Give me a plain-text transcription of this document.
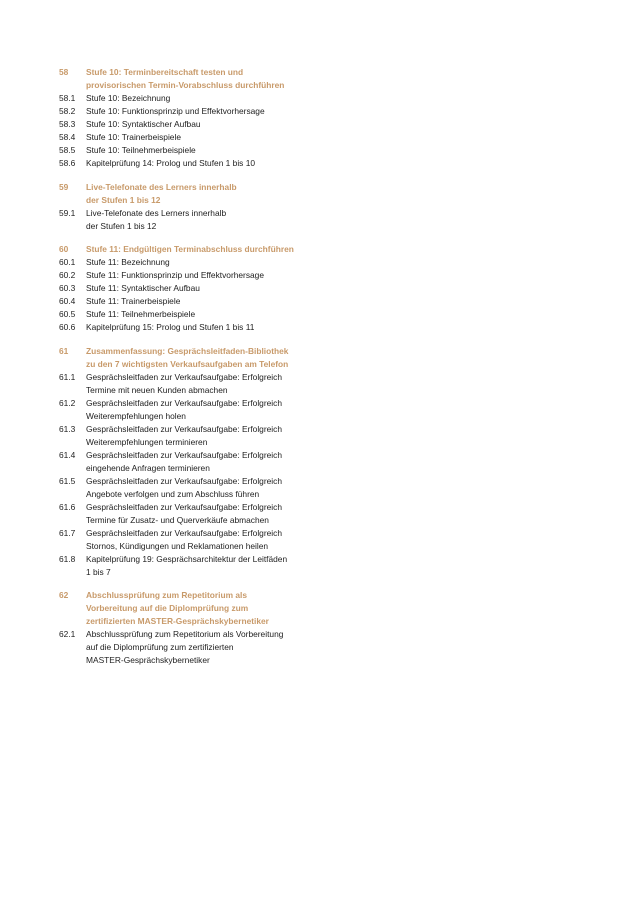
58	Stufe 10: Terminbereitschaft testen und
provisorischen Termin-Vorabschluss durchführen
58.1	Stufe 10: Bezeichnung
58.2	Stufe 10: Funktionsprinzip und Effektvorhersage
58.3	Stufe 10: Syntaktischer Aufbau
58.4	Stufe 10: Trainerbeispiele
58.5	Stufe 10: Teilnehmerbeispiele
58.6	Kapitelprüfung 14: Prolog und Stufen 1 bis 10
59	Live-Telefonate des Lerners innerhalb
der Stufen 1 bis 12
59.1	Live-Telefonate des Lerners innerhalb
der Stufen 1 bis 12
60	Stufe 11: Endgültigen Terminabschluss durchführen
60.1	Stufe 11: Bezeichnung
60.2	Stufe 11: Funktionsprinzip und Effektvorhersage
60.3	Stufe 11: Syntaktischer Aufbau
60.4	Stufe 11: Trainerbeispiele
60.5	Stufe 11: Teilnehmerbeispiele
60.6	Kapitelprüfung 15: Prolog und Stufen 1 bis 11
61	Zusammenfassung: Gesprächsleitfaden-Bibliothek
zu den 7 wichtigsten Verkaufsaufgaben am Telefon
61.1	Gesprächsleitfaden zur Verkaufsaufgabe: Erfolgreich
Termine mit neuen Kunden abmachen
61.2	Gesprächsleitfaden zur Verkaufsaufgabe: Erfolgreich
Weiterempfehlungen holen
61.3	Gesprächsleitfaden zur Verkaufsaufgabe: Erfolgreich
Weiterempfehlungen terminieren
61.4	Gesprächsleitfaden zur Verkaufsaufgabe: Erfolgreich
eingehende Anfragen terminieren
61.5	Gesprächsleitfaden zur Verkaufsaufgabe: Erfolgreich
Angebote verfolgen und zum Abschluss führen
61.6	Gesprächsleitfaden zur Verkaufsaufgabe: Erfolgreich
Termine für Zusatz- und Querverkäufe abmachen
61.7	Gesprächsleitfaden zur Verkaufsaufgabe: Erfolgreich
Stornos, Kündigungen und Reklamationen heilen
61.8	Kapitelprüfung 19: Gesprächsarchitektur der Leitfäden
1 bis 7
62	Abschlussprüfung zum Repetitorium als
Vorbereitung auf die Diplomprüfung zum
zertifizierten MASTER-Gesprächskybernetiker
62.1	Abschlussprüfung zum Repetitorium als Vorbereitung
auf die Diplomprüfung zum zertifizierten
MASTER-Gesprächskybernetiker
